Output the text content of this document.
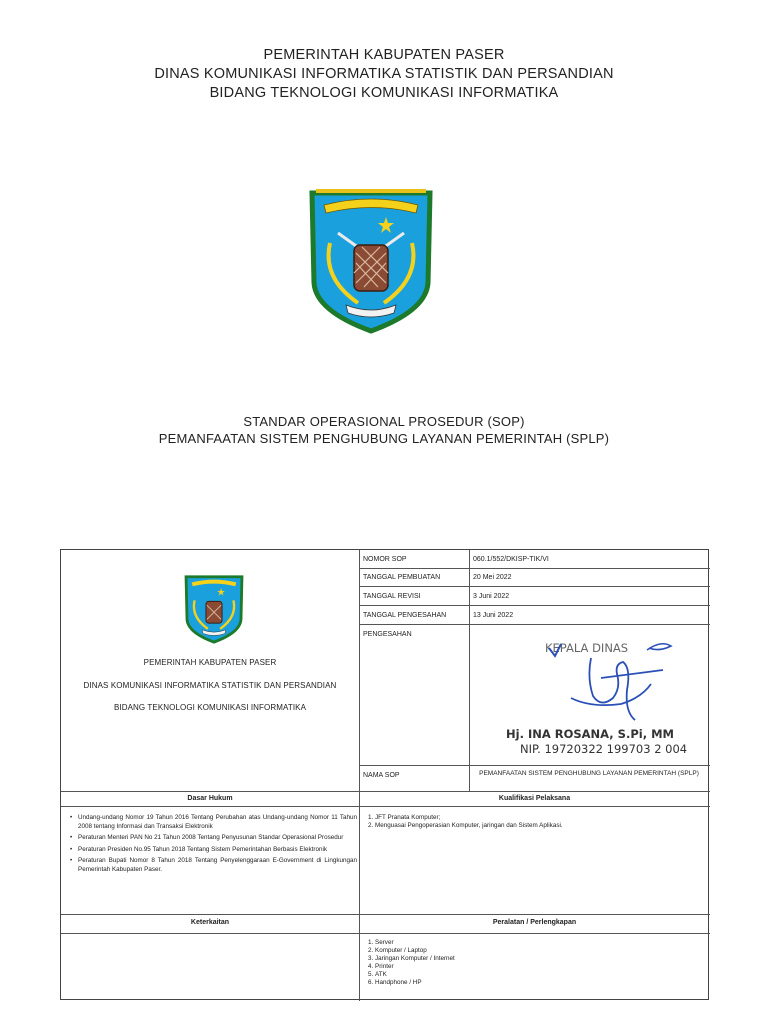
PEMERINTAH KABUPATEN PASER
DINAS KOMUNIKASI INFORMATIKA STATISTIK DAN PERSANDIAN
BIDANG TEKNOLOGI KOMUNIKASI INFORMATIKA
STANDAR OPERASIONAL PROSEDUR (SOP)
PEMANFAATAN SISTEM PENGHUBUNG LAYANAN PEMERINTAH (SPLP)
PEMERINTAH KABUPATEN PASER
DINAS KOMUNIKASI INFORMATIKA STATISTIK DAN PERSANDIAN
BIDANG TEKNOLOGI KOMUNIKASI INFORMATIKA
NOMOR SOP	060.1/552/DKISP-TIK/VI
TANGGAL PEMBUATAN	20 Mei 2022
TANGGAL REVISI	3 Juni 2022
TANGGAL PENGESAHAN	13 Juni 2022
PENGESAHAN
KEPALA DINAS
Hj. INA ROSANA, S.Pi, MM
NIP. 19720322 199703 2 004
NAMA SOP	PEMANFAATAN SISTEM PENGHUBUNG LAYANAN PEMERINTAH (SPLP)
Dasar Hukum	Kualifikasi Pelaksana
• Undang-undang Nomor 19 Tahun 2016 Tentang Perubahan atas Undang-undang Nomor 11 Tahun 2008 tentang Informasi dan Transaksi Elektronik
• Peraturan Menteri PAN No 21 Tahun 2008 Tentang Penyusunan Standar Operasional Prosedur
• Peraturan Presiden No.95 Tahun 2018 Tentang Sistem Pemerintahan Berbasis Elektronik
• Peraturan Bupati Nomor 8 Tahun 2018 Tentang Penyelenggaraan E-Government di Lingkungan Pemerintah Kabupaten Paser.
1. JFT Pranata Komputer;
2. Menguasai Pengoperasian Komputer, jaringan dan Sistem Aplikasi.
Keterkaitan	Peralatan / Perlengkapan
1. Server
2. Komputer / Laptop
3. Jaringan Komputer / Internet
4. Printer
5. ATK
6. Handphone / HP
